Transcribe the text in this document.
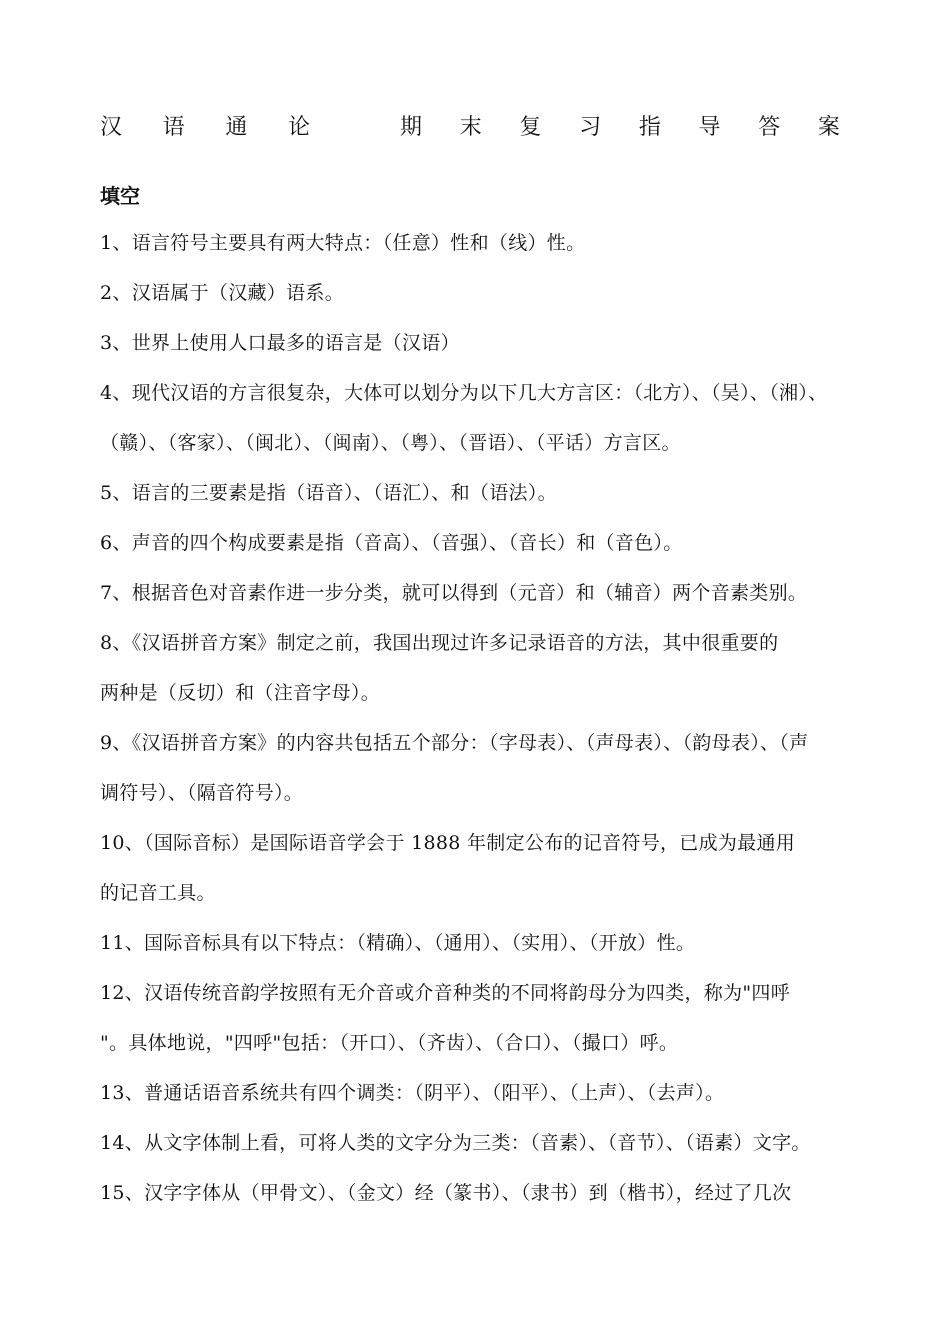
汉 语 通 论	期 末 复 习 指 导 答 案
填空
1、语言符号主要具有两大特点：（任意）性和（线）性。
2、汉语属于（汉藏）语系。
3、世界上使用人口最多的语言是（汉语）
4、现代汉语的方言很复杂，大体可以划分为以下几大方言区：（北方）、（吴）、（湘）、
（赣）、（客家）、（闽北）、（闽南）、（粤）、（晋语）、（平话）方言区。
5、语言的三要素是指（语音）、（语汇）、和（语法）。
6、声音的四个构成要素是指（音高）、（音强）、（音长）和（音色）。
7、根据音色对音素作进一步分类，就可以得到（元音）和（辅音）两个音素类别。
8、《汉语拼音方案》制定之前，我国出现过许多记录语音的方法，其中很重要的
两种是（反切）和（注音字母）。
9、《汉语拼音方案》的内容共包括五个部分：（字母表）、（声母表）、（韵母表）、（声
调符号）、（隔音符号）。
10、（国际音标）是国际语音学会于 1888 年制定公布的记音符号，已成为最通用
的记音工具。
11、国际音标具有以下特点：（精确）、（通用）、（实用）、（开放）性。
12、汉语传统音韵学按照有无介音或介音种类的不同将韵母分为四类，称为"四呼
"。具体地说，"四呼"包括：（开口）、（齐齿）、（合口）、（撮口）呼。
13、普通话语音系统共有四个调类：（阴平）、（阳平）、（上声）、（去声）。
14、从文字体制上看，可将人类的文字分为三类：（音素）、（音节）、（语素）文字。
15、汉字字体从（甲骨文）、（金文）经（篆书）、（隶书）到（楷书），经过了几次
